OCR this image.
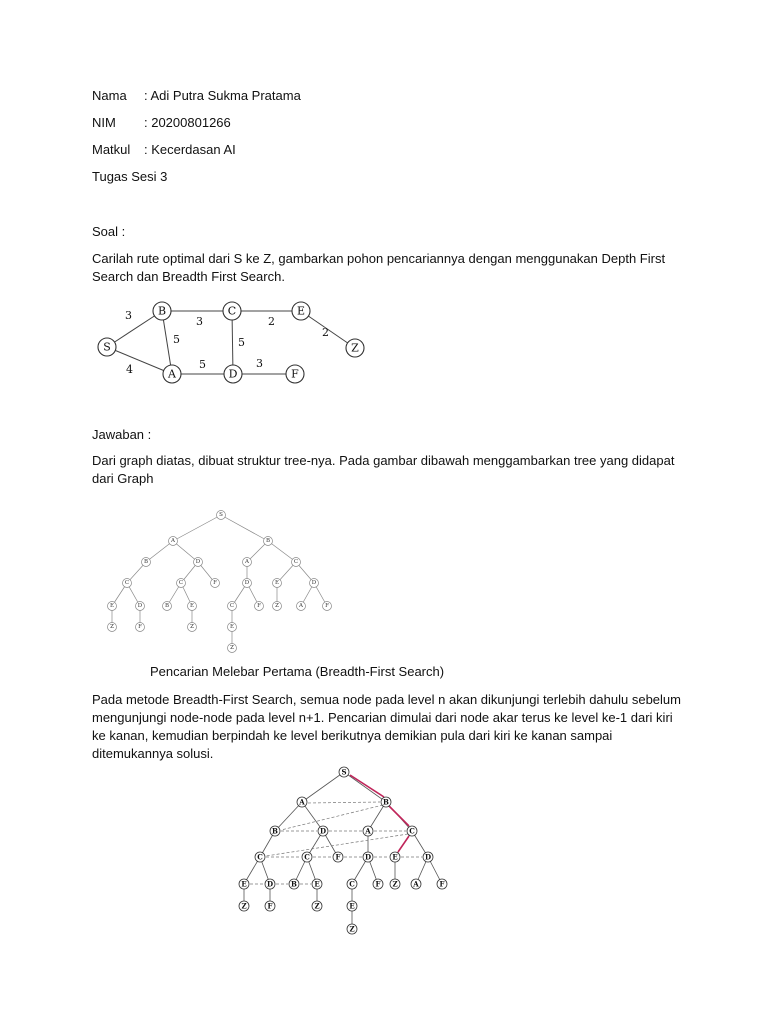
Nama : Adi Putra Sukma Pratama
NIM : 20200801266
Matkul : Kecerdasan AI
Tugas Sesi 3
Soal :
Carilah rute optimal dari S ke Z, gambarkan pohon pencariannya dengan menggunakan Depth First Search dan Breadth First Search.
3
4
3
5
2
2
5
5	3
S
B	C	E
Z
A	D	F
Jawaban :
Dari graph diatas, dibuat struktur tree-nya. Pada gambar dibawah menggambarkan tree yang didapat dari Graph
S
A	B
B	D	A	C
C	C	F	D	E	D
E	D	B	E	C	F	Z	A	F
Z	F	Z	E
Z
Pencarian Melebar Pertama (Breadth-First Search)
Pada metode Breadth-First Search, semua node pada level n akan dikunjungi terlebih dahulu sebelum mengunjungi node-node pada level n+1. Pencarian dimulai dari node akar terus ke level ke-1 dari kiri ke kanan, kemudian berpindah ke level berikutnya demikian pula dari kiri ke kanan sampai ditemukannya solusi.
S
A	B
B	D	A	C
C	C	F	D	E	D
E	D	B E	C	F Z A	F
Z	F	Z	E
Z
